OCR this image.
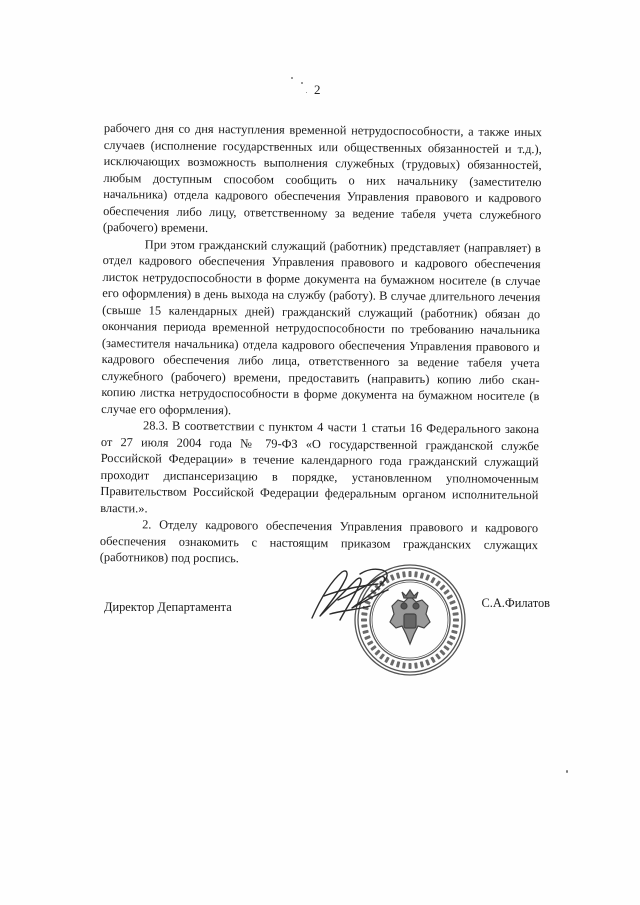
2

рабочего дня со дня наступления временной нетрудоспособности, а также иных случаев (исполнение государственных или общественных обязанностей и т.д.), исключающих возможность выполнения служебных (трудовых) обязанностей, любым доступным способом сообщить о них начальнику (заместителю начальника) отдела кадрового обеспечения Управления правового и кадрового обеспечения либо лицу, ответственному за ведение табеля учета служебного (рабочего) времени.

При этом гражданский служащий (работник) представляет (направляет) в отдел кадрового обеспечения Управления правового и кадрового обеспечения листок нетрудоспособности в форме документа на бумажном носителе (в случае его оформления) в день выхода на службу (работу). В случае длительного лечения (свыше 15 календарных дней) гражданский служащий (работник) обязан до окончания периода временной нетрудоспособности по требованию начальника (заместителя начальника) отдела кадрового обеспечения Управления правового и кадрового обеспечения либо лица, ответственного за ведение табеля учета служебного (рабочего) времени, предоставить (направить) копию либо скан-копию листка нетрудоспособности в форме документа на бумажном носителе (в случае его оформления).

28.3. В соответствии с пунктом 4 части 1 статьи 16 Федерального закона от 27 июля 2004 года № 79-ФЗ «О государственной гражданской службе Российской Федерации» в течение календарного года гражданский служащий проходит диспансеризацию в порядке, установленном уполномоченным Правительством Российской Федерации федеральным органом исполнительной власти.».

2. Отделу кадрового обеспечения Управления правового и кадрового обеспечения ознакомить с настоящим приказом гражданских служащих (работников) под роспись.

Директор Департамента	С.А.Филатов
